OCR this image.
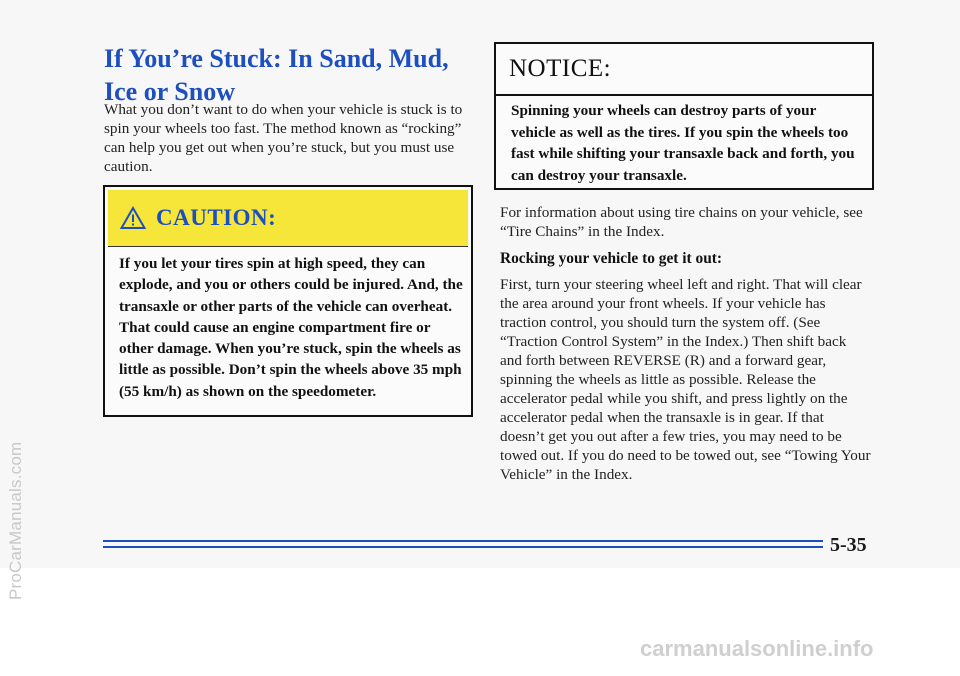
If You’re Stuck: In Sand, Mud, Ice or Snow

What you don’t want to do when your vehicle is stuck is to spin your wheels too fast. The method known as “rocking” can help you get out when you’re stuck, but you must use caution.

CAUTION:

If you let your tires spin at high speed, they can explode, and you or others could be injured. And, the transaxle or other parts of the vehicle can overheat. That could cause an engine compartment fire or other damage. When you’re stuck, spin the wheels as little as possible. Don’t spin the wheels above 35 mph (55 km/h) as shown on the speedometer.

NOTICE:

Spinning your wheels can destroy parts of your vehicle as well as the tires. If you spin the wheels too fast while shifting your transaxle back and forth, you can destroy your transaxle.

For information about using tire chains on your vehicle, see “Tire Chains” in the Index.

Rocking your vehicle to get it out:

First, turn your steering wheel left and right. That will clear the area around your front wheels. If your vehicle has traction control, you should turn the system off. (See “Traction Control System” in the Index.) Then shift back and forth between REVERSE (R) and a forward gear, spinning the wheels as little as possible. Release the accelerator pedal while you shift, and press lightly on the accelerator pedal when the transaxle is in gear. If that doesn’t get you out after a few tries, you may need to be towed out. If you do need to be towed out, see “Towing Your Vehicle” in the Index.

5-35
ProCarManuals.com
carmanualsonline.info
